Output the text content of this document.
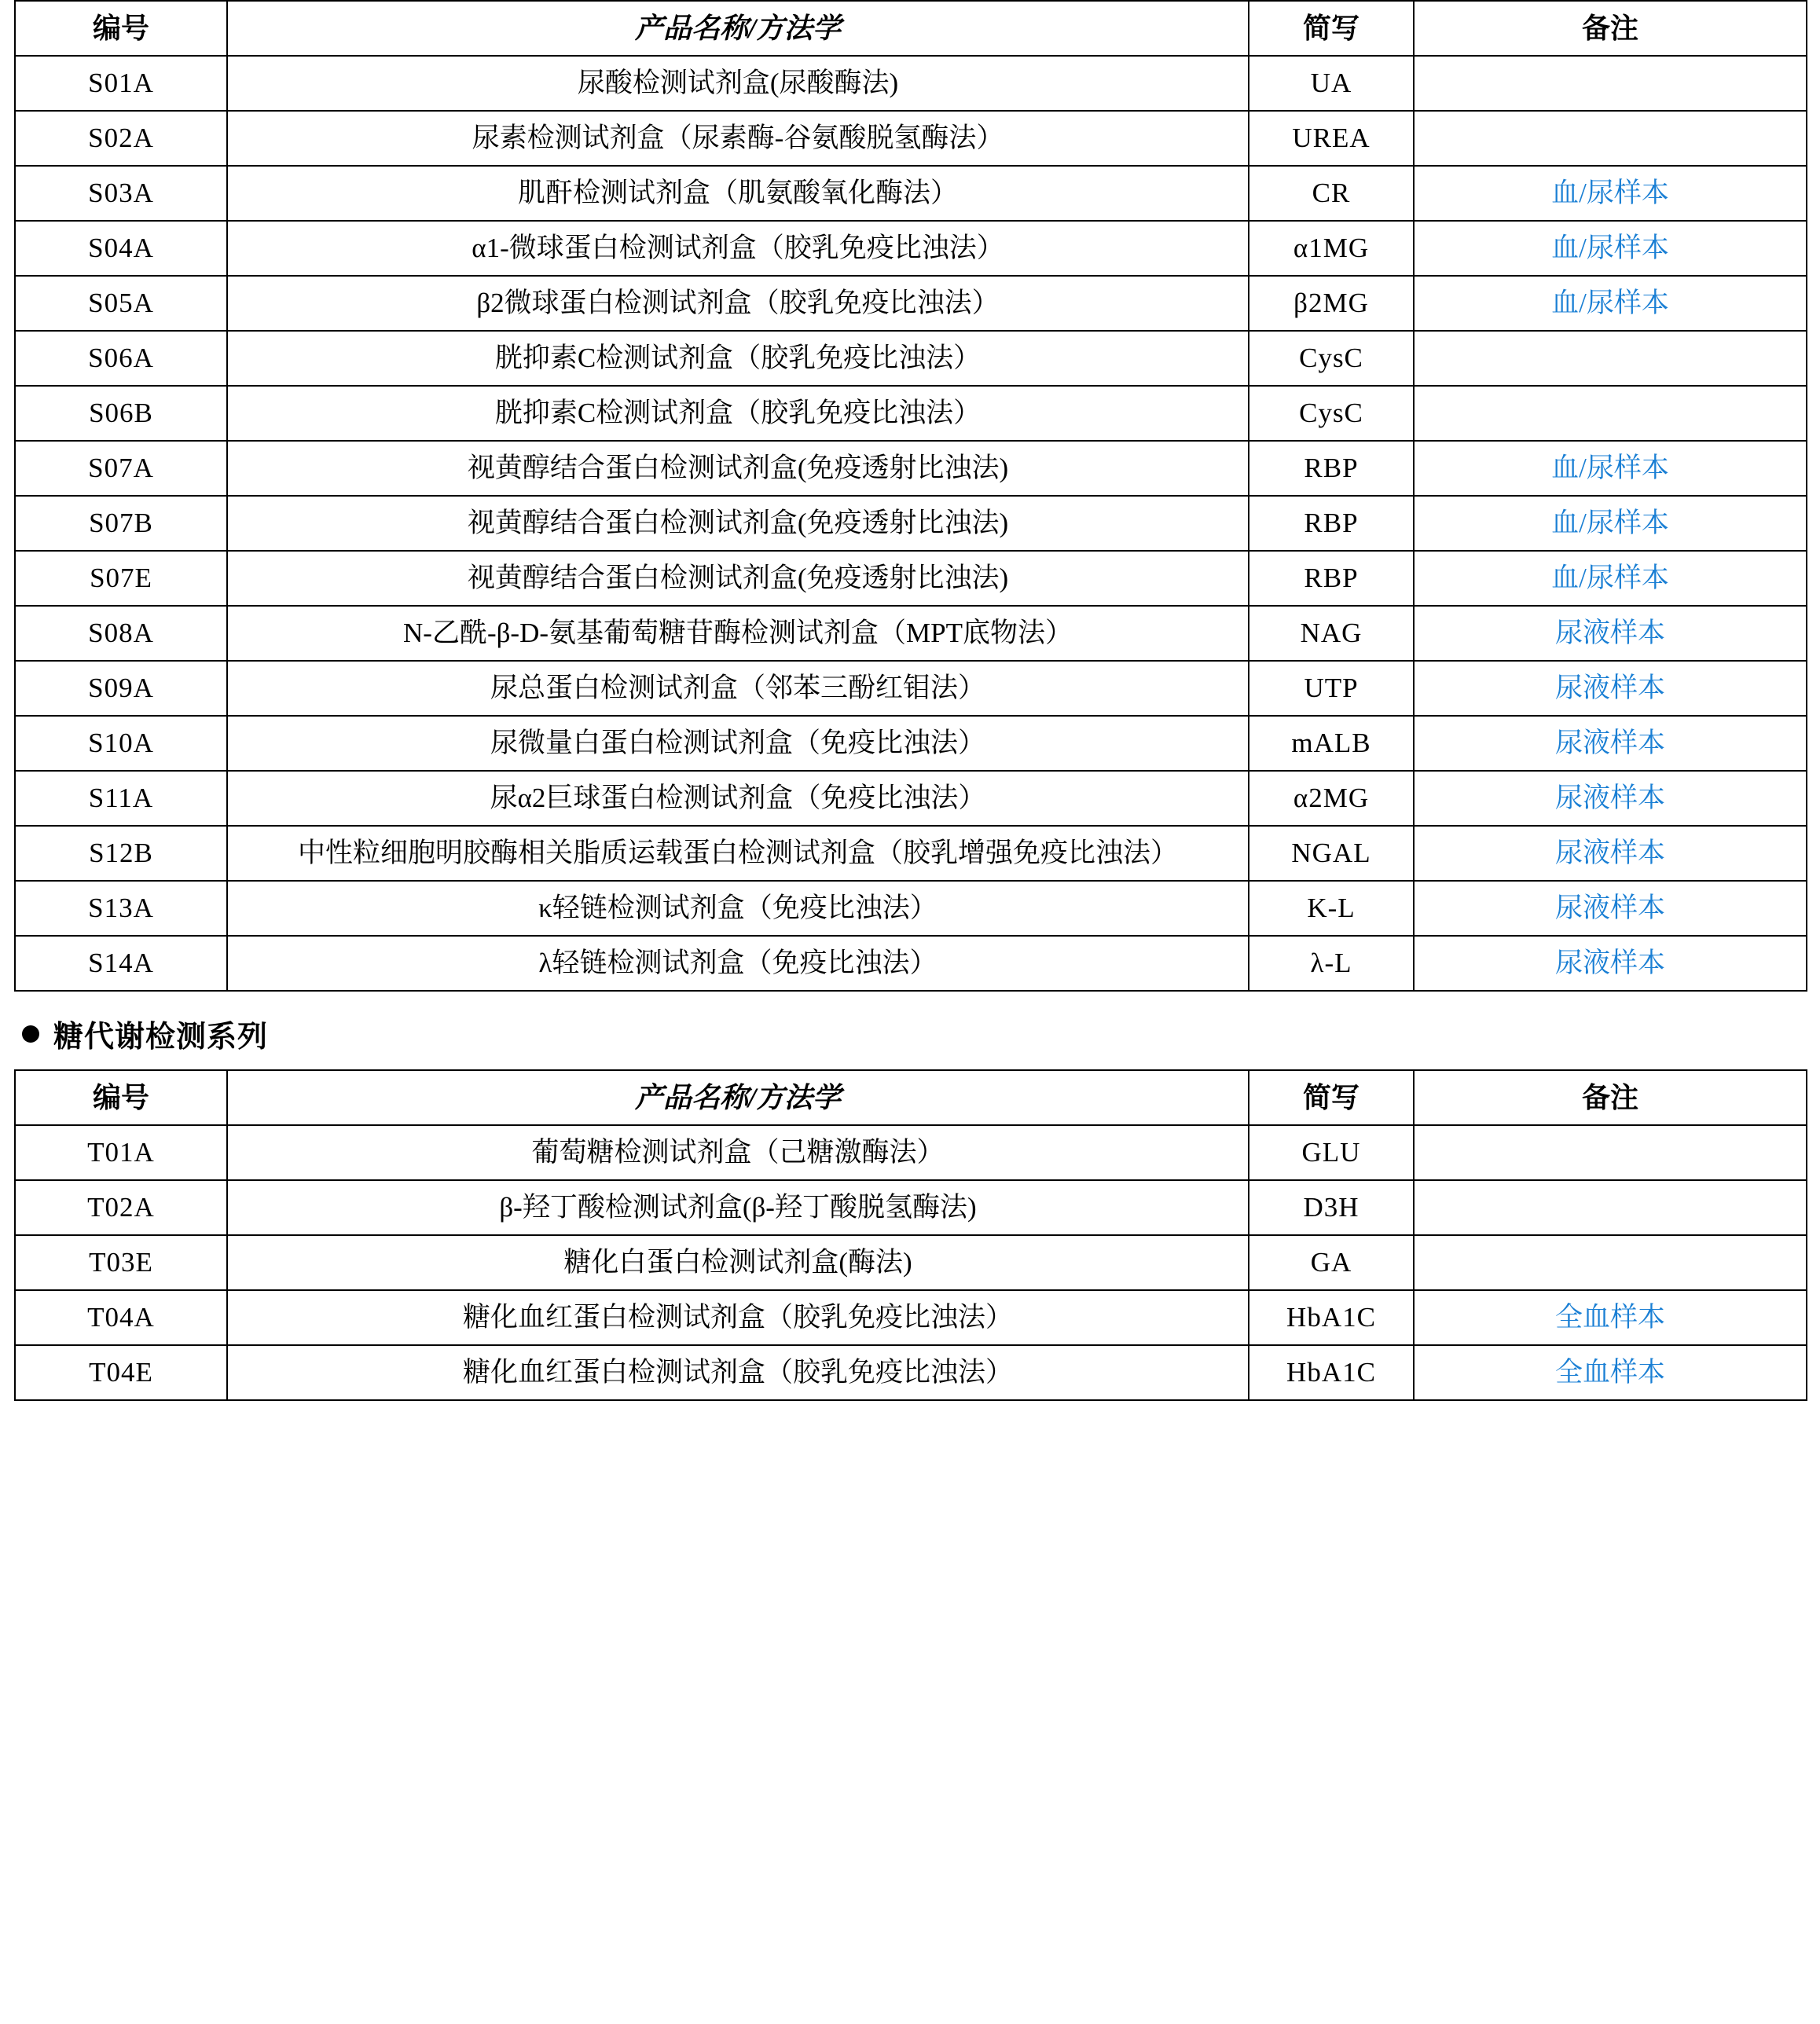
编号	产品名称/方法学	简写	备注
S01A	尿酸检测试剂盒(尿酸酶法)	UA	
S02A	尿素检测试剂盒（尿素酶-谷氨酸脱氢酶法）	UREA	
S03A	肌酐检测试剂盒（肌氨酸氧化酶法）	CR	血/尿样本
S04A	α1-微球蛋白检测试剂盒（胶乳免疫比浊法）	α1MG	血/尿样本
S05A	β2微球蛋白检测试剂盒（胶乳免疫比浊法）	β2MG	血/尿样本
S06A	胱抑素C检测试剂盒（胶乳免疫比浊法）	CysC	
S06B	胱抑素C检测试剂盒（胶乳免疫比浊法）	CysC	
S07A	视黄醇结合蛋白检测试剂盒(免疫透射比浊法)	RBP	血/尿样本
S07B	视黄醇结合蛋白检测试剂盒(免疫透射比浊法)	RBP	血/尿样本
S07E	视黄醇结合蛋白检测试剂盒(免疫透射比浊法)	RBP	血/尿样本
S08A	N-乙酰-β-D-氨基葡萄糖苷酶检测试剂盒（MPT底物法）	NAG	尿液样本
S09A	尿总蛋白检测试剂盒（邻苯三酚红钼法）	UTP	尿液样本
S10A	尿微量白蛋白检测试剂盒（免疫比浊法）	mALB	尿液样本
S11A	尿α2巨球蛋白检测试剂盒（免疫比浊法）	α2MG	尿液样本
S12B	中性粒细胞明胶酶相关脂质运载蛋白检测试剂盒（胶乳增强免疫比浊法）	NGAL	尿液样本
S13A	κ轻链检测试剂盒（免疫比浊法）	K-L	尿液样本
S14A	λ轻链检测试剂盒（免疫比浊法）	λ-L	尿液样本
糖代谢检测系列
编号	产品名称/方法学	简写	备注
T01A	葡萄糖检测试剂盒（己糖激酶法）	GLU	
T02A	β-羟丁酸检测试剂盒(β-羟丁酸脱氢酶法)	D3H	
T03E	糖化白蛋白检测试剂盒(酶法)	GA	
T04A	糖化血红蛋白检测试剂盒（胶乳免疫比浊法）	HbA1C	全血样本
T04E	糖化血红蛋白检测试剂盒（胶乳免疫比浊法）	HbA1C	全血样本
